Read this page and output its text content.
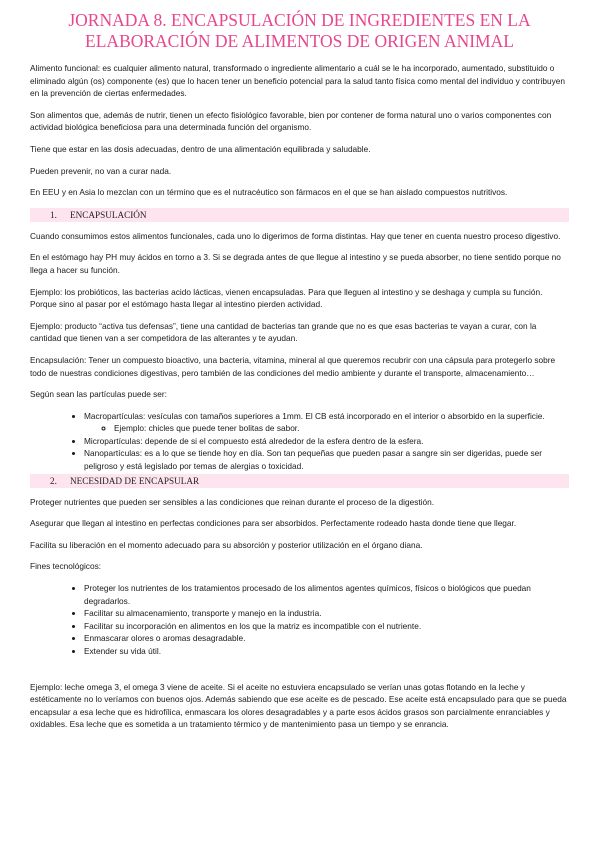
JORNADA 8. ENCAPSULACIÓN DE INGREDIENTES EN LA ELABORACIÓN DE ALIMENTOS DE ORIGEN ANIMAL

Alimento funcional: es cualquier alimento natural, transformado o ingrediente alimentario a cuál se le ha incorporado, aumentado, substituido o eliminado algún (os) componente (es) que lo hacen tener un beneficio potencial para la salud tanto física como mental del individuo y contribuyen en la prevención de ciertas enfermedades.

Son alimentos que, además de nutrir, tienen un efecto fisiológico favorable, bien por contener de forma natural uno o varios componentes con actividad biológica beneficiosa para una determinada función del organismo.

Tiene que estar en las dosis adecuadas, dentro de una alimentación equilibrada y saludable.

Pueden prevenir, no van a curar nada.

En EEU y en Asia lo mezclan con un término que es el nutracéutico son fármacos en el que se han aislado compuestos nutritivos.

1. ENCAPSULACIÓN

Cuando consumimos estos alimentos funcionales, cada uno lo digerimos de forma distintas. Hay que tener en cuenta nuestro proceso digestivo.

En el estómago hay PH muy ácidos en torno a 3. Si se degrada antes de que llegue al intestino y se pueda absorber, no tiene sentido porque no llega a hacer su función.

Ejemplo: los probióticos, las bacterias acido lácticas, vienen encapsuladas. Para que lleguen al intestino y se deshaga y cumpla su función. Porque sino al pasar por el estómago hasta llegar al intestino pierden actividad.

Ejemplo: producto “activa tus defensas”, tiene una cantidad de bacterias tan grande que no es que esas bacterias te vayan a curar, con la cantidad que tienen van a ser competidora de las alterantes y te ayudan.

Encapsulación: Tener un compuesto bioactivo, una bacteria, vitamina, mineral al que queremos recubrir con una cápsula para protegerlo sobre todo de nuestras condiciones digestivas, pero también de las condiciones del medio ambiente y durante el transporte, almacenamiento…

Según sean las partículas puede ser:

• Macropartículas: vesículas con tamaños superiores a 1mm. El CB está incorporado en el interior o absorbido en la superficie.
◦ Ejemplo: chicles que puede tener bolitas de sabor.
• Micropartículas: depende de si el compuesto está alrededor de la esfera dentro de la esfera.
• Nanopartículas: es a lo que se tiende hoy en día. Son tan pequeñas que pueden pasar a sangre sin ser digeridas, puede ser peligroso y está legislado por temas de alergias o toxicidad.
2. NECESIDAD DE ENCAPSULAR

Proteger nutrientes que pueden ser sensibles a las condiciones que reinan durante el proceso de la digestión.

Asegurar que llegan al intestino en perfectas condiciones para ser absorbidos. Perfectamente rodeado hasta donde tiene que llegar.

Facilita su liberación en el momento adecuado para su absorción y posterior utilización en el órgano diana.

Fines tecnológicos:

• Proteger los nutrientes de los tratamientos procesado de los alimentos agentes químicos, físicos o biológicos que puedan degradarlos.
• Facilitar su almacenamiento, transporte y manejo en la industria.
• Facilitar su incorporación en alimentos en los que la matriz es incompatible con el nutriente.
• Enmascarar olores o aromas desagradable.
• Extender su vida útil.

Ejemplo: leche omega 3, el omega 3 viene de aceite. Si el aceite no estuviera encapsulado se verían unas gotas flotando en la leche y estéticamente no lo veríamos con buenos ojos. Además sabiendo que ese aceite es de pescado. Ese aceite está encapsulado para que se pueda encapsular a esa leche que es hidrofílica, enmascara los olores desagradables y a parte esos ácidos grasos son parcialmente enranciables y oxidables. Esa leche que es sometida a un tratamiento térmico y de mantenimiento pasa un tiempo y se enrancia.
